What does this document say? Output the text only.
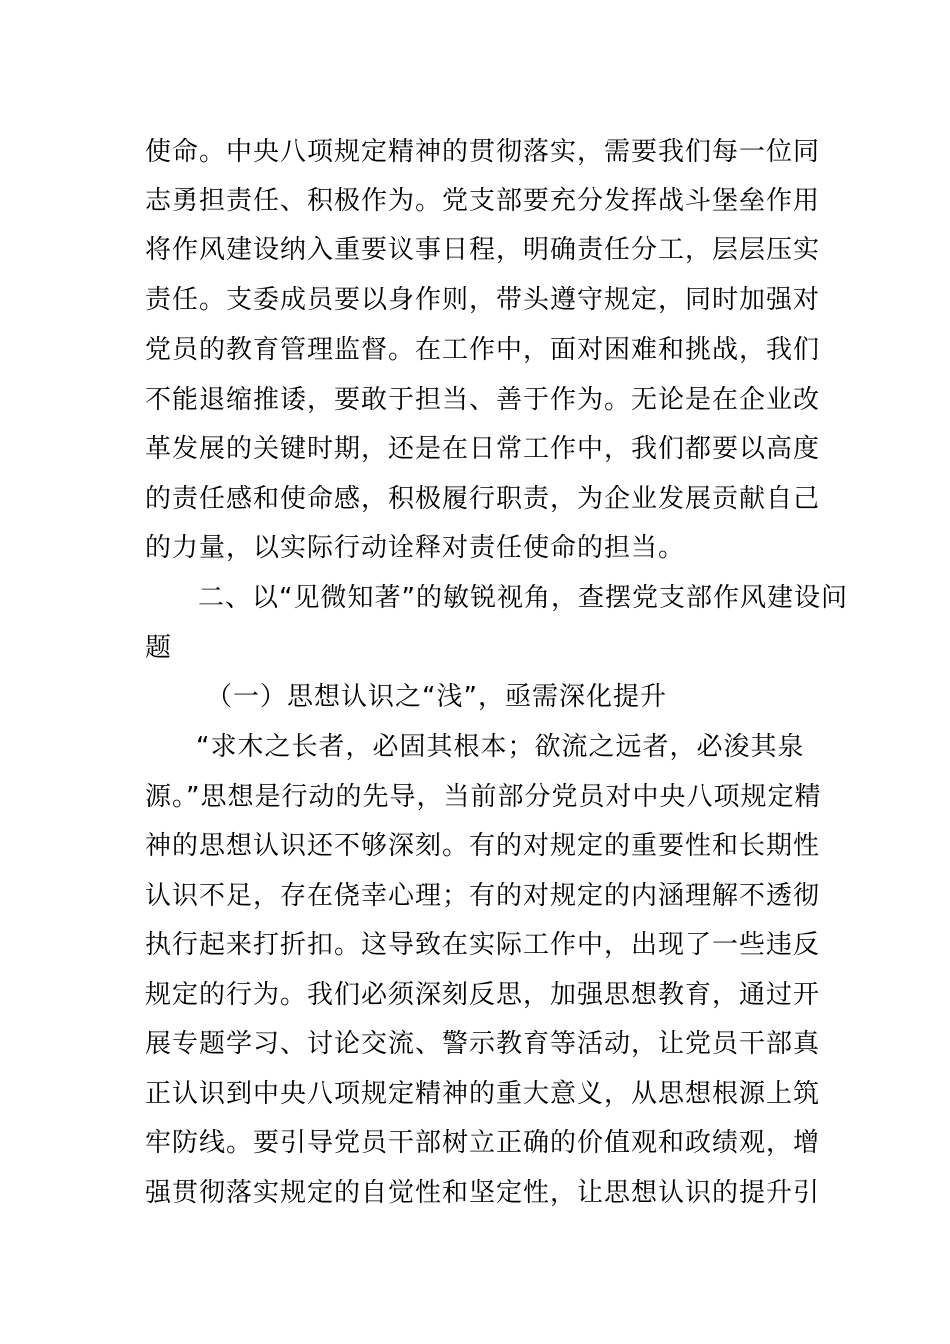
使命。中央八项规定精神的贯彻落实，需要我们每一位同
志勇担责任、积极作为。党支部要充分发挥战斗堡垒作用
将作风建设纳入重要议事日程，明确责任分工，层层压实
责任。支委成员要以身作则，带头遵守规定，同时加强对
党员的教育管理监督。在工作中，面对困难和挑战，我们
不能退缩推诿，要敢于担当、善于作为。无论是在企业改
革发展的关键时期，还是在日常工作中，我们都要以高度
的责任感和使命感，积极履行职责，为企业发展贡献自己
的力量，以实际行动诠释对责任使命的担当。
二、以“见微知著”的敏锐视角，查摆党支部作风建设问
题
（一）思想认识之“浅”，亟需深化提升
“求木之长者，必固其根本；欲流之远者，必浚其泉
源。”思想是行动的先导，当前部分党员对中央八项规定精
神的思想认识还不够深刻。有的对规定的重要性和长期性
认识不足，存在侥幸心理；有的对规定的内涵理解不透彻
执行起来打折扣。这导致在实际工作中，出现了一些违反
规定的行为。我们必须深刻反思，加强思想教育，通过开
展专题学习、讨论交流、警示教育等活动，让党员干部真
正认识到中央八项规定精神的重大意义，从思想根源上筑
牢防线。要引导党员干部树立正确的价值观和政绩观，增
强贯彻落实规定的自觉性和坚定性，让思想认识的提升引
